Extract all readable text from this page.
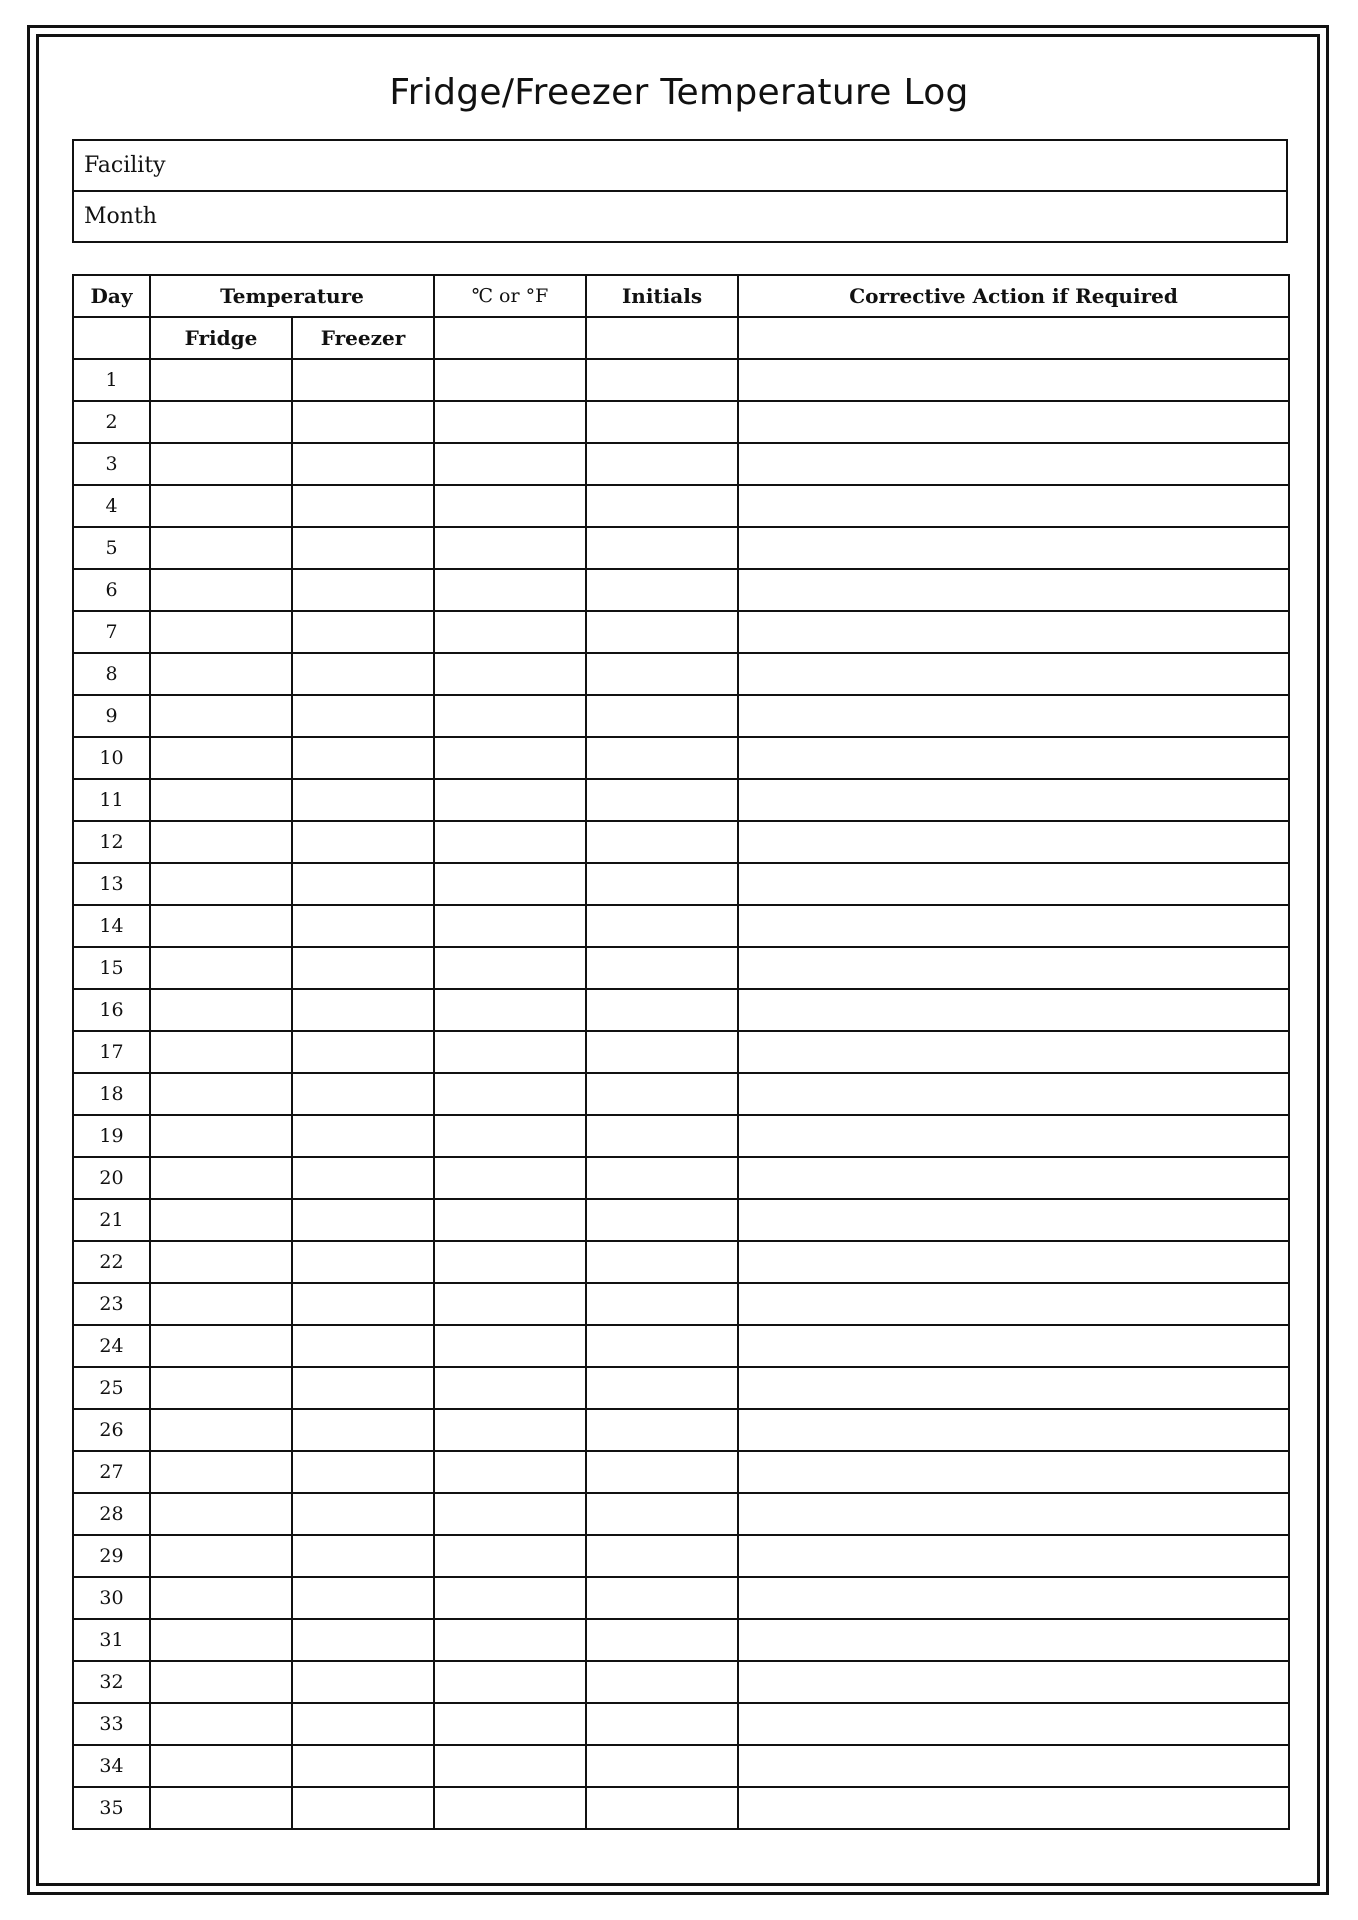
Fridge/Freezer Temperature Log
Facility
Month
Day	Temperature		℃ or °F	Initials	Corrective Action if Required
	Fridge	Freezer			
1					
2					
3					
4					
5					
6					
7					
8					
9					
10					
11					
12					
13					
14					
15					
16					
17					
18					
19					
20					
21					
22					
23					
24					
25					
26					
27					
28					
29					
30					
31					
32					
33					
34					
35					
